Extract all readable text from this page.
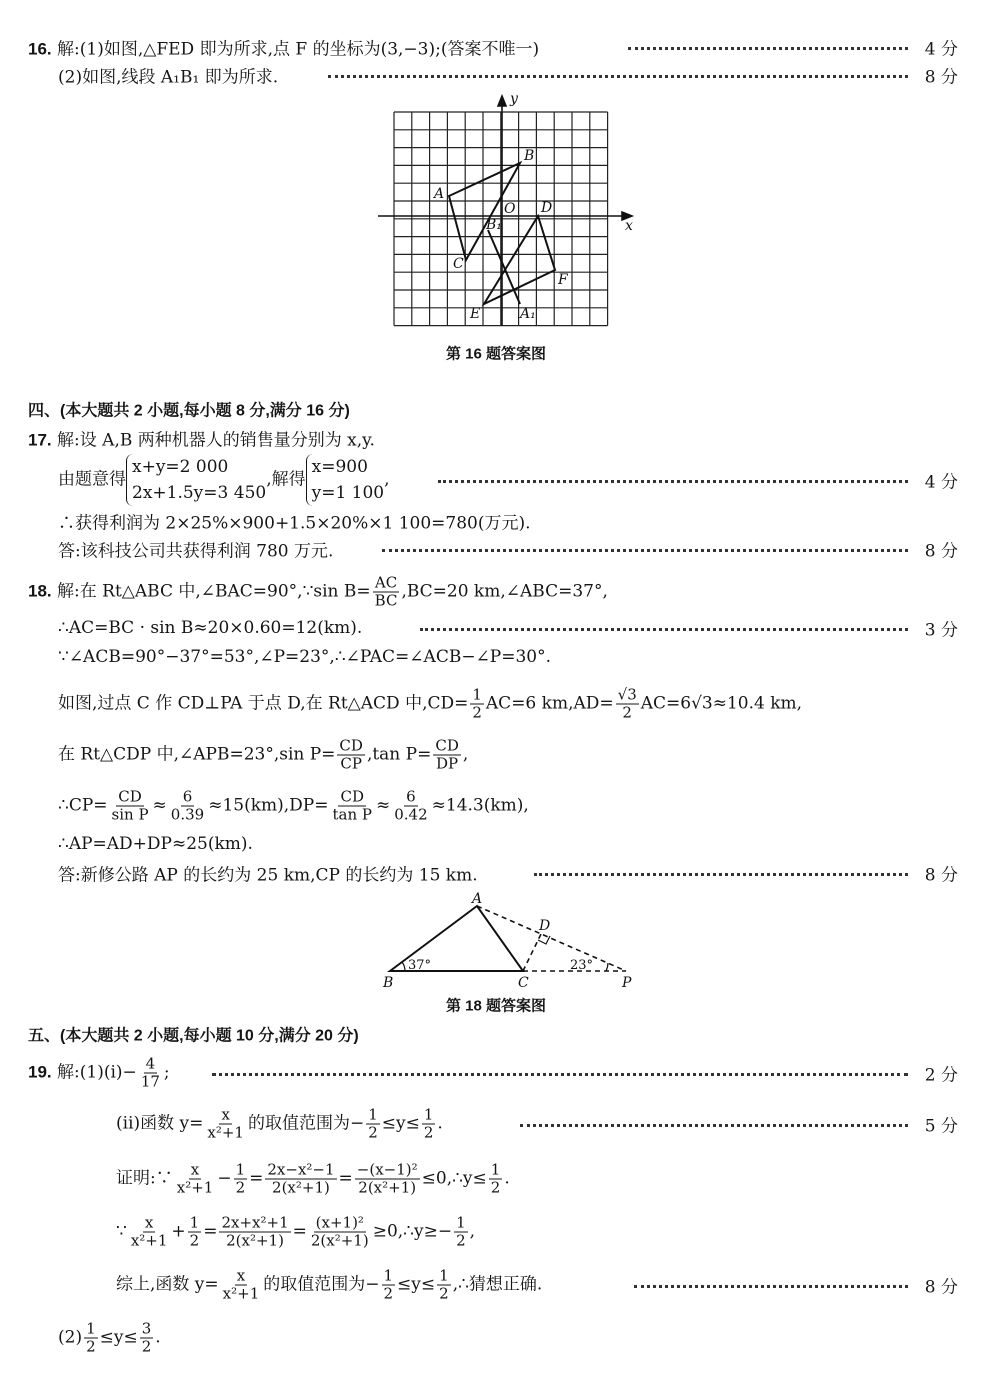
16. 解:(1)如图,△FED 即为所求,点 F 的坐标为(3,−3);(答案不唯一)	4 分
(2)如图,线段 A₁B₁ 即为所求.	8 分
y
x
A
B
C
D
E
F
O
B₁
A₁
第 16 题答案图
四、(本大题共 2 小题,每小题 8 分,满分 16 分)
17. 解:设 A,B 两种机器人的销售量分别为 x,y.
由题意得
x+y=2 000
2x+1.5y=3 450
,解得
x=900
y=1 100
,	4 分
∴获得利润为 2×25%×900+1.5×20%×1 100=780(万元).
答:该科技公司共获得利润 780 万元.	8 分
18. 解:在 Rt△ABC 中,∠BAC=90°,∵sin $B= \frac{AC}{BC} ,BC=20$ km,∠ABC=37°,
∴AC=BC · sin B≈20×0.60=12(km).	3 分
∵∠ACB=90°−37°=53°,∠P=23°,∴∠PAC=∠ACB−∠P=30°.
如图,过点 C 作 CD⊥PA 于点 D,在 Rt△ACD 中$,CD= \frac{1}{2} AC=6$ $km,AD= \frac{√3}{2} AC=6√3\approx 10.4$ km,
在 Rt△CDP 中,∠APB=23°,sin $P= \frac{CD}{CP} ,\tan$ $P= \frac{CD}{DP}$ ,
∴CP= $\frac{CD}{\text{sin P}} \approx \frac{6}{0.39} \approx 15(km),DP= \frac{CD}{\text{tan P}} \approx \frac{6}{0.42} \approx 14.3(km)$,
∴AP=AD+DP≈25(km).
答:新修公路 AP 的长约为 25 km,CP 的长约为 15 km.	8 分
A
B	C
D
P
37°	23°
第 18 题答案图
五、(本大题共 2 小题,每小题 10 分,满分 20 分)
19. 解:(1)(ⅰ)− $\frac{4}{17}$ ;	2 分
(ⅱ)函数 $y= \frac{x}{\text{x²+1}}$ 的取值范围为− $\frac{1}{2} \le y\le \frac{1}{2}$ .	5 分
证明:∵ $\frac{x}{\text{x²+1}} - \frac{1}{2} = \frac{\text{2x−x²−1}}{\text{2(x²+1)}} = \frac{\text{−(x−1)²}}{\text{2(x²+1)}}$ ≤0,∴y≤ $\frac{1}{2}$ .
∵ $\frac{x}{\text{x²+1}} + \frac{1}{2} = \frac{\text{2x+x²+1}}{\text{2(x²+1)}} = \frac{\text{(x+1)²}}{\text{2(x²+1)}}$ ≥0,∴y≥− $\frac{1}{2}$ ,
综上,函数 $y= \frac{x}{\text{x²+1}}$ 的取值范围为− $\frac{1}{2} \le y\le \frac{1}{2}$ ,∴猜想正确.	8 分
$(2) \frac{1}{2} \le y\le \frac{3}{2}$ .
